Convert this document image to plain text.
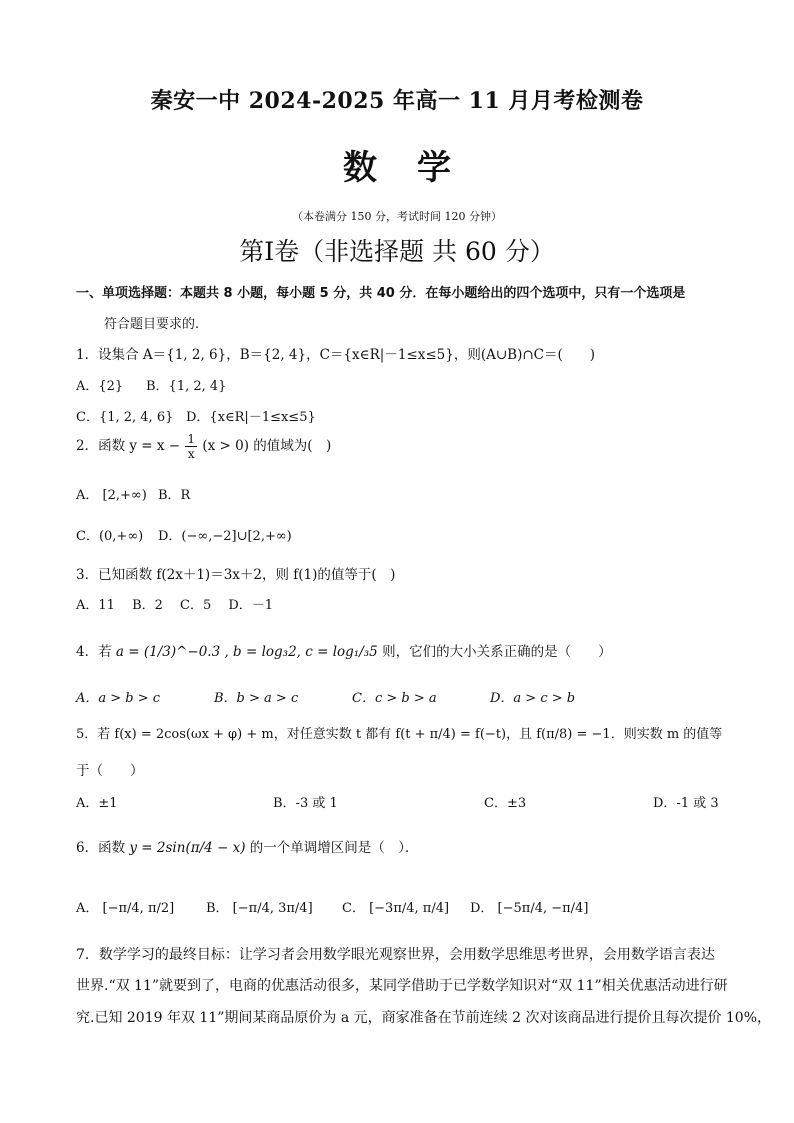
秦安一中 2024-2025 年高一 11 月月考检测卷
数学
（本卷满分 150 分，考试时间 120 分钟）
第Ⅰ卷（非选择题 共 60 分）
一、单项选择题：本题共 8 小题，每小题 5 分，共 40 分．在每小题给出的四个选项中，只有一个选项是
符合题目要求的.
1．设集合 A＝{1, 2, 6}，B＝{2, 4}，C＝{x∈R|－1≤x≤5}，则(A∪B)∩C＝(　　)
A．{2} B．{1, 2, 4}
C．{1, 2, 4, 6} D．{x∈R|－1≤x≤5}
2．函数 $y = x - \frac{1}{x} (x > 0)$ 的值域为(　)
A． [2,+∞) B．R
C．(0,+∞) D．(−∞,−2]∪[2,+∞)
3．已知函数 f(2x＋1)＝3x＋2，则 f(1)的值等于(　)
A．11　 B．2　 C．5　 D．－1
4．若 a = (1/3)^−0.3 , b = log₃2, c = log₁/₃5 则，它们的大小关系正确的是（　　）
A．a > b > c	B．b > a > c	C．c > b > a	D．a > c > b
5．若 f(x) = 2cos(ωx + φ) + m，对任意实数 t 都有 f(t + π/4) = f(−t)，且 f(π/8) = −1．则实数 m 的值等
于（　　）
A．±1	B．-3 或 1	C．±3	D．-1 或 3
6．函数 y = 2sin(π/4 − x) 的一个单调增区间是（　）．
A． [−π/4, π/2] B． [−π/4, 3π/4] C． [−3π/4, π/4] D． [−5π/4, −π/4]
7．数学学习的最终目标：让学习者会用数学眼光观察世界，会用数学思维思考世界，会用数学语言表达
世界.“双 11”就要到了，电商的优惠活动很多，某同学借助于已学数学知识对“双 11”相关优惠活动进行研
究.已知 2019 年双 11”期间某商品原价为 a 元，商家准备在节前连续 2 次对该商品进行提价且每次提价 10%，
